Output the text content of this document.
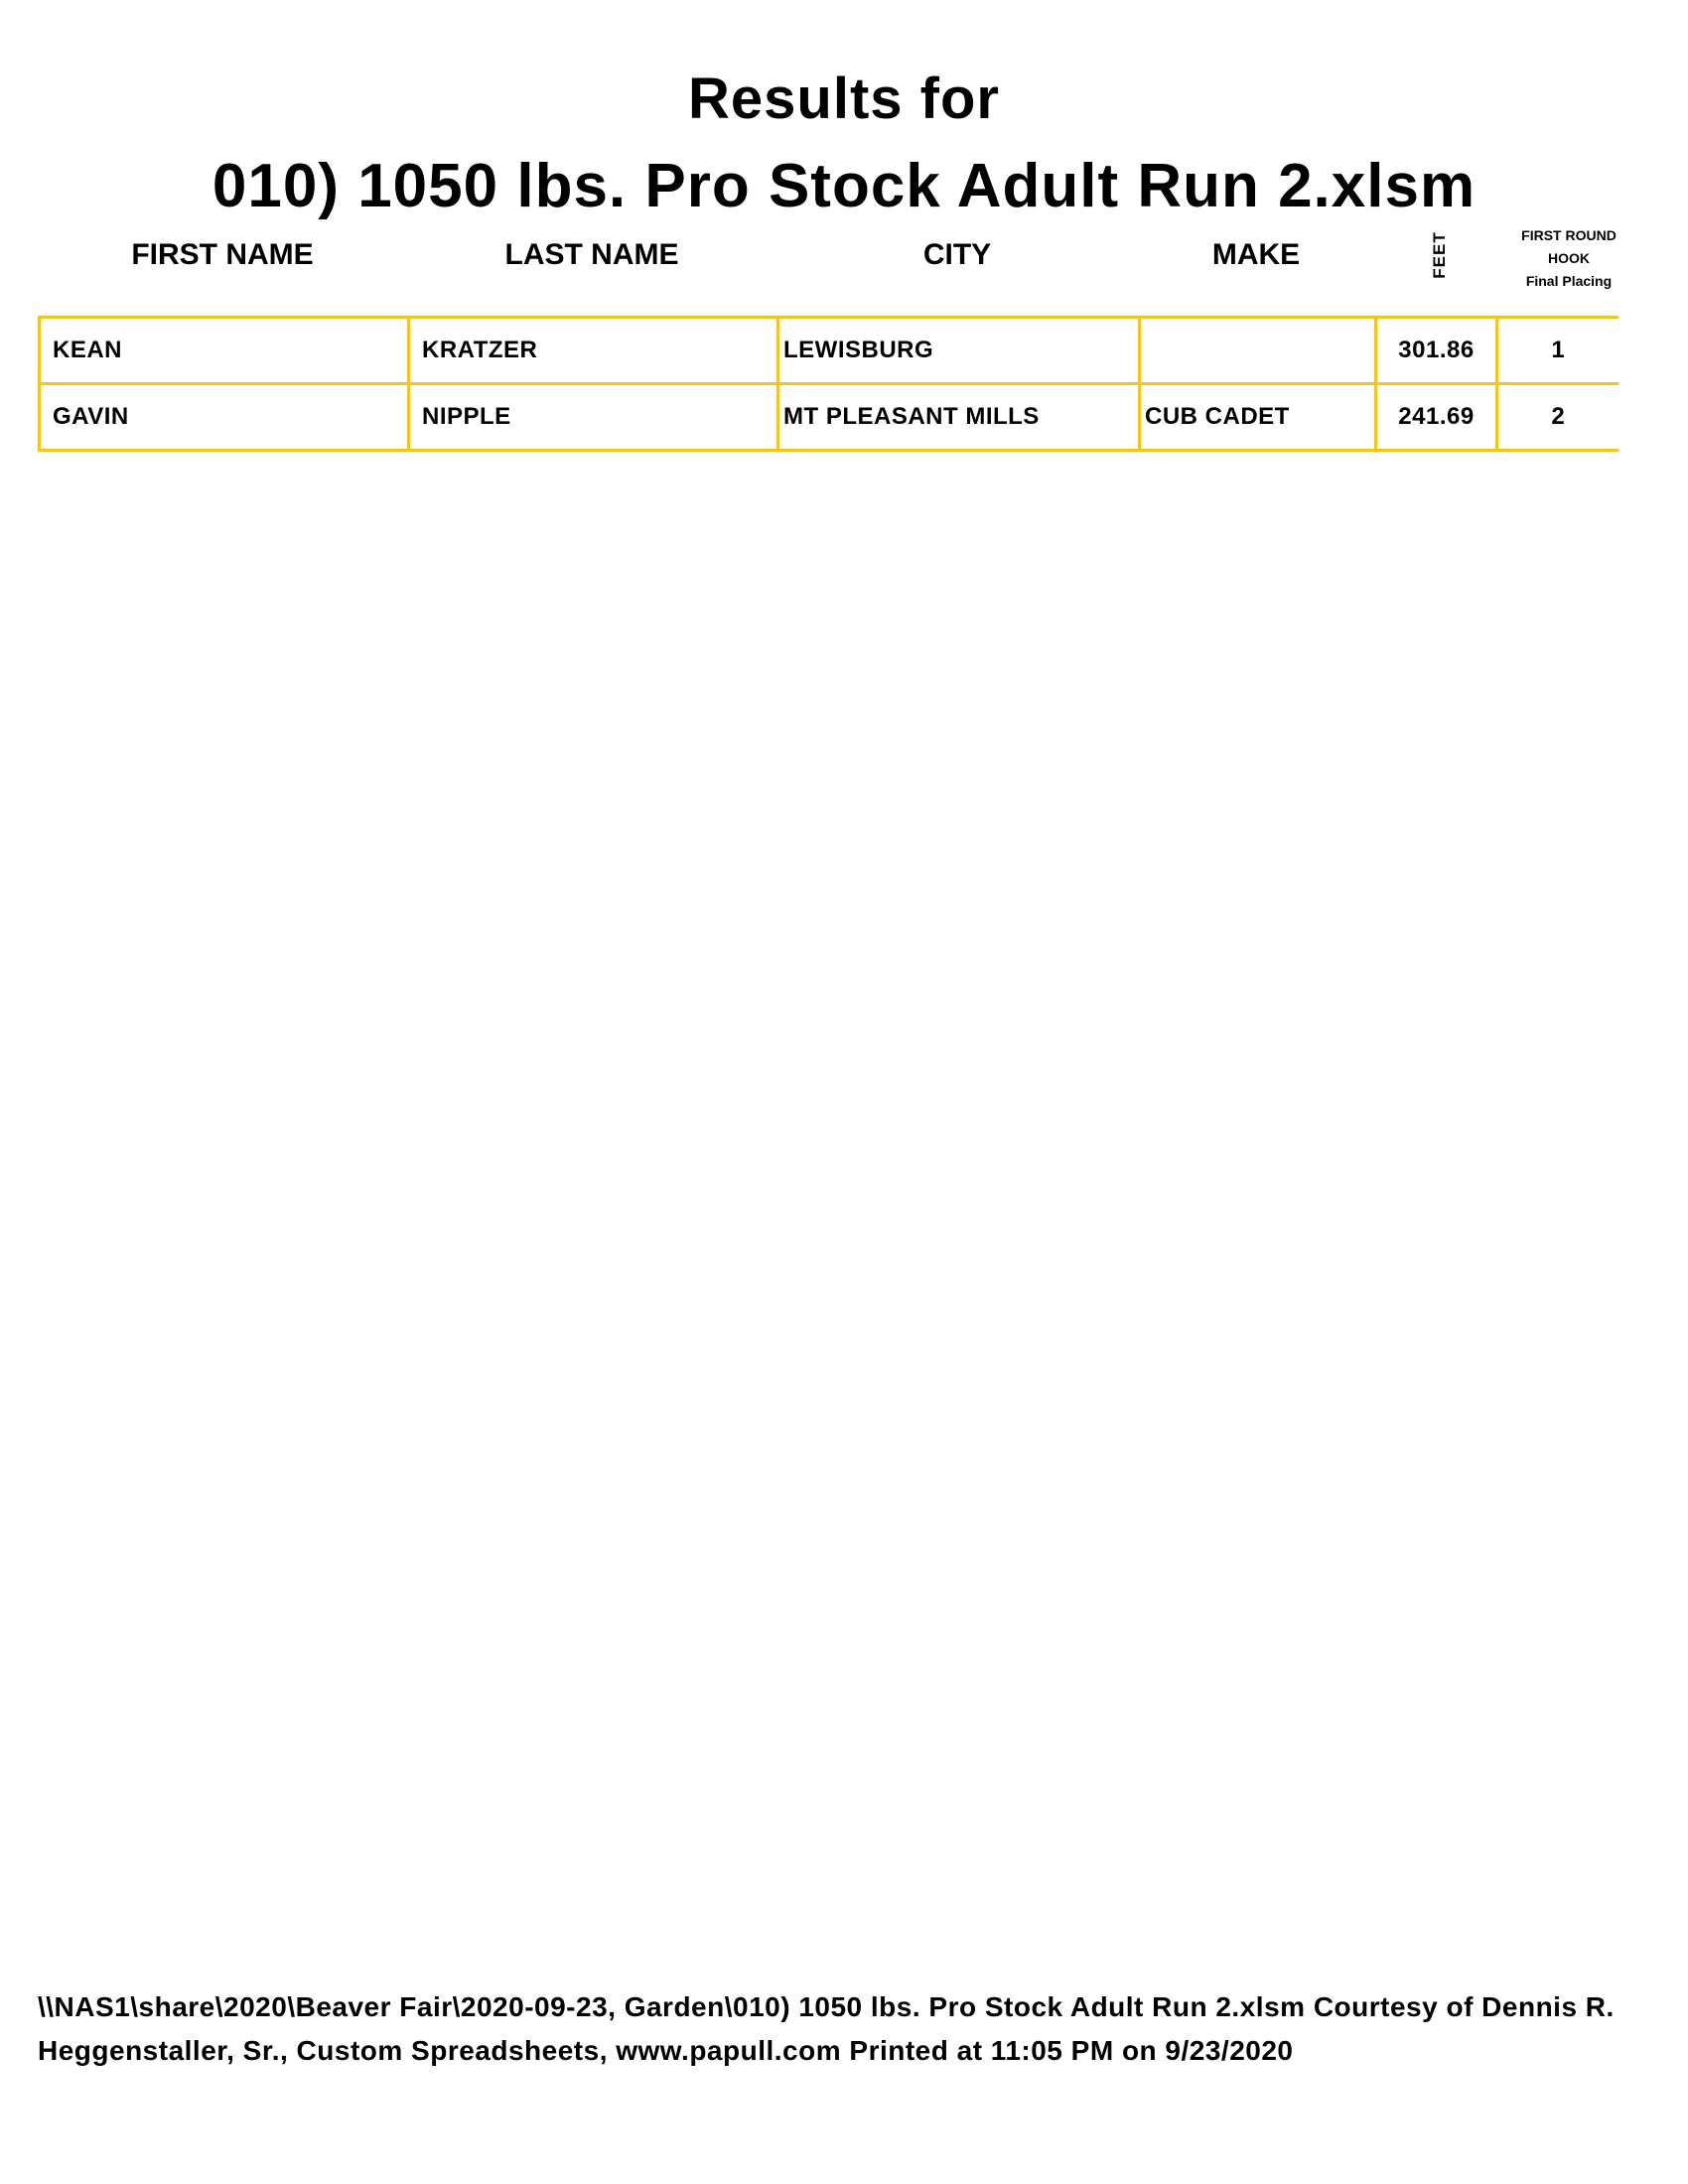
Results for
010) 1050 lbs. Pro Stock Adult Run 2.xlsm
FIRST NAME	LAST NAME	CITY	MAKE	FEET	FIRST ROUND
HOOK
Final Placing
KEAN	KRATZER	LEWISBURG		301.86	1
GAVIN	NIPPLE	MT PLEASANT MILLS	CUB CADET	241.69	2
\\NAS1\share\2020\Beaver Fair\2020-09-23, Garden\010) 1050 lbs. Pro Stock Adult Run 2.xlsm Courtesy of Dennis R. Heggenstaller, Sr., Custom Spreadsheets, www.papull.com Printed at 11:05 PM on 9/23/2020
